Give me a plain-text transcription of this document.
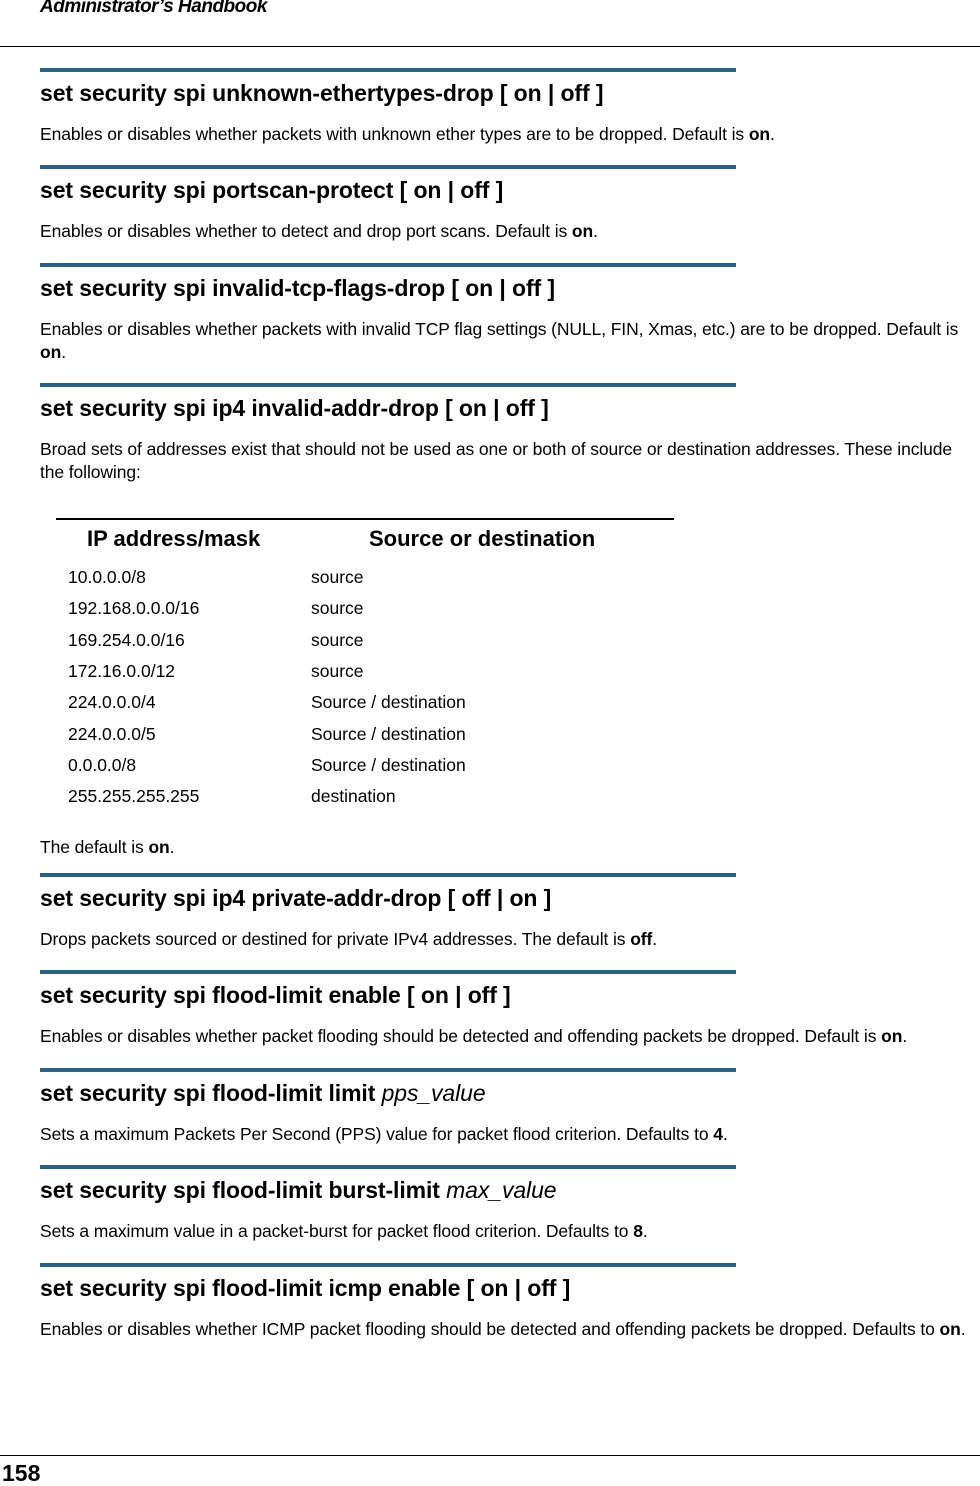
Administrator’s Handbook
set security spi unknown-ethertypes-drop [ on | off ]
Enables or disables whether packets with unknown ether types are to be dropped. Default is on.
set security spi portscan-protect [ on | off ]
Enables or disables whether to detect and drop port scans. Default is on.
set security spi invalid-tcp-flags-drop [ on | off ]
Enables or disables whether packets with invalid TCP flag settings (NULL, FIN, Xmas, etc.) are to be dropped. Default is on.
set security spi ip4 invalid-addr-drop [ on | off ]
Broad sets of addresses exist that should not be used as one or both of source or destination addresses. These include the following:
set security spi ip4 private-addr-drop [ off | on ]
Drops packets sourced or destined for private IPv4 addresses. The default is off.
set security spi flood-limit enable [ on | off ]
Enables or disables whether packet flooding should be detected and offending packets be dropped. Default is on.
set security spi flood-limit limit pps_value
Sets a maximum Packets Per Second (PPS) value for packet flood criterion. Defaults to 4.
set security spi flood-limit burst-limit max_value
Sets a maximum value in a packet-burst for packet flood criterion. Defaults to 8.
set security spi flood-limit icmp enable [ on | off ]
Enables or disables whether ICMP packet flooding should be detected and offending packets be dropped. Defaults to on.
IP address/mask	Source or destination
10.0.0.0/8	source
192.168.0.0.0/16	source
169.254.0.0/16	source
172.16.0.0/12	source
224.0.0.0/4	Source / destination
224.0.0.0/5	Source / destination
0.0.0.0/8	Source / destination
255.255.255.255	destination
The default is on.
158
